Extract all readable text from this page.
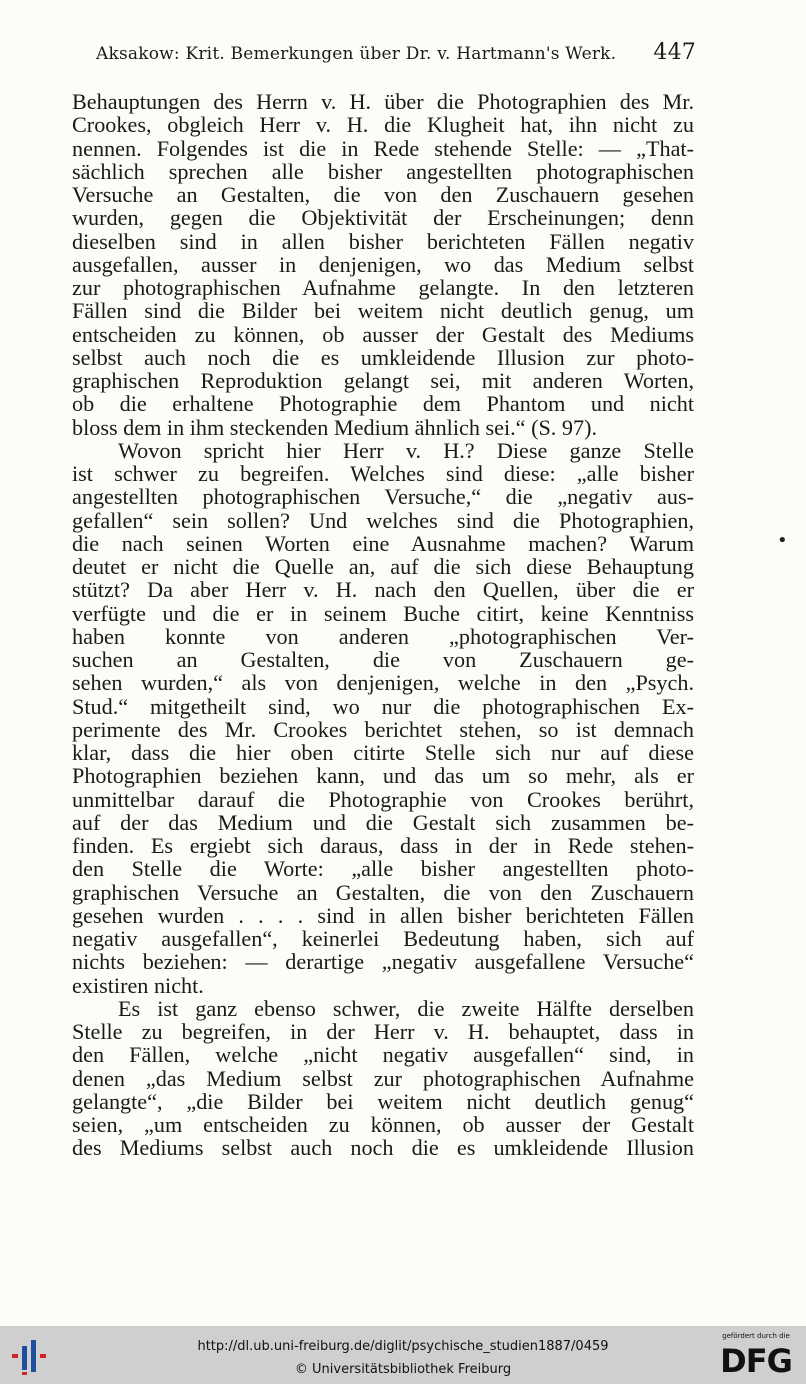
Aksakow: Krit. Bemerkungen über Dr. v. Hartmann's Werk. 447
Behauptungen des Herrn v. H. über die Photographien des Mr.
Crookes, obgleich Herr v. H. die Klugheit hat, ihn nicht zu
nennen. Folgendes ist die in Rede stehende Stelle: — „That-
sächlich sprechen alle bisher angestellten photographischen
Versuche an Gestalten, die von den Zuschauern gesehen
wurden, gegen die Objektivität der Erscheinungen; denn
dieselben sind in allen bisher berichteten Fällen negativ
ausgefallen, ausser in denjenigen, wo das Medium selbst
zur photographischen Aufnahme gelangte. In den letzteren
Fällen sind die Bilder bei weitem nicht deutlich genug, um
entscheiden zu können, ob ausser der Gestalt des Mediums
selbst auch noch die es umkleidende Illusion zur photo-
graphischen Reproduktion gelangt sei, mit anderen Worten,
ob die erhaltene Photographie dem Phantom und nicht
bloss dem in ihm steckenden Medium ähnlich sei.“ (S. 97).
Wovon spricht hier Herr v. H.? Diese ganze Stelle
ist schwer zu begreifen. Welches sind diese: „alle bisher
angestellten photographischen Versuche,“ die „negativ aus-
gefallen“ sein sollen? Und welches sind die Photographien,
die nach seinen Worten eine Ausnahme machen? Warum
deutet er nicht die Quelle an, auf die sich diese Behauptung
stützt? Da aber Herr v. H. nach den Quellen, über die er
verfügte und die er in seinem Buche citirt, keine Kenntniss
haben konnte von anderen „photographischen Ver-
suchen an Gestalten, die von Zuschauern ge-
sehen wurden,“ als von denjenigen, welche in den „Psych.
Stud.“ mitgetheilt sind, wo nur die photographischen Ex-
perimente des Mr. Crookes berichtet stehen, so ist demnach
klar, dass die hier oben citirte Stelle sich nur auf diese
Photographien beziehen kann, und das um so mehr, als er
unmittelbar darauf die Photographie von Crookes berührt,
auf der das Medium und die Gestalt sich zusammen be-
finden. Es ergiebt sich daraus, dass in der in Rede stehen-
den Stelle die Worte: „alle bisher angestellten photo-
graphischen Versuche an Gestalten, die von den Zuschauern
gesehen wurden . . . . sind in allen bisher berichteten Fällen
negativ ausgefallen“, keinerlei Bedeutung haben, sich auf
nichts beziehen: — derartige „negativ ausgefallene Versuche“
existiren nicht.
Es ist ganz ebenso schwer, die zweite Hälfte derselben
Stelle zu begreifen, in der Herr v. H. behauptet, dass in
den Fällen, welche „nicht negativ ausgefallen“ sind, in
denen „das Medium selbst zur photographischen Aufnahme
gelangte“, „die Bilder bei weitem nicht deutlich genug“
seien, „um entscheiden zu können, ob ausser der Gestalt
des Mediums selbst auch noch die es umkleidende Illusion
•
http://dl.ub.uni-freiburg.de/diglit/psychische_studien1887/0459
© Universitätsbibliothek Freiburg
gefördert durch die
DFG
